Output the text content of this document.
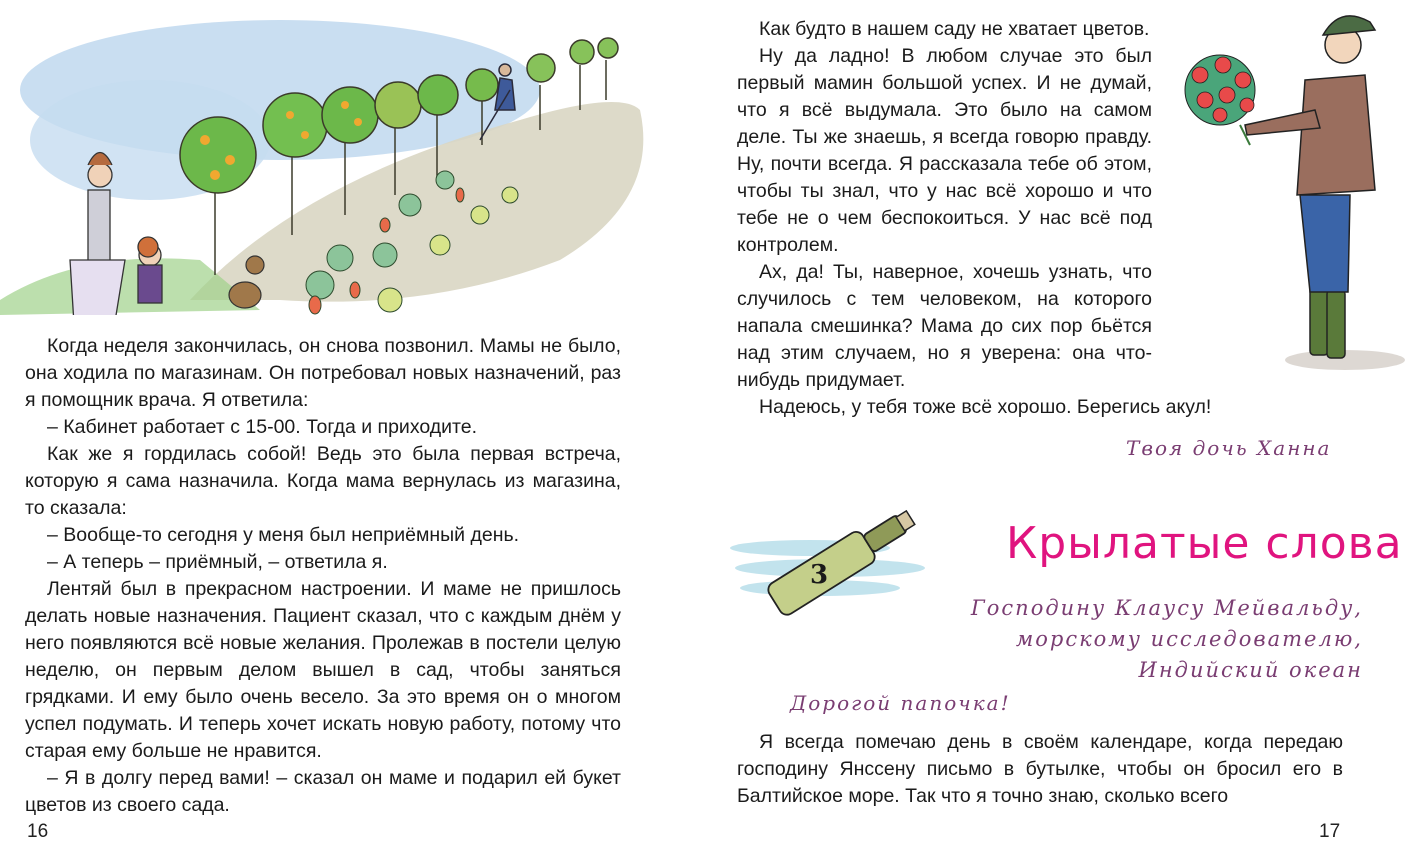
Когда неделя закончилась, он снова позвонил. Мамы не было, она ходила по магазинам. Он потребовал новых назначений, раз я помощник врача. Я ответила:

– Кабинет работает с 15-00. Тогда и приходите.

Как же я гордилась собой! Ведь это была первая встреча, которую я сама назначила. Когда мама вернулась из магазина, то сказала:

– Вообще-то сегодня у меня был неприёмный день.

– А теперь – приёмный, – ответила я.

Лентяй был в прекрасном настроении. И маме не пришлось делать новые назначения. Пациент сказал, что с каждым днём у него появляются всё новые желания. Пролежав в постели целую неделю, он первым делом вышел в сад, чтобы заняться грядками. И ему было очень весело. За это время он о многом успел подумать. И теперь хочет искать новую работу, потому что старая ему больше не нравится.

– Я в долгу перед вами! – сказал он маме и подарил ей букет цветов из своего сада.

16

Как будто в нашем саду не хватает цветов.

Ну да ладно! В любом случае это был первый мамин большой успех. И не думай, что я всё выдумала. Это было на самом деле. Ты же знаешь, я всегда говорю правду. Ну, почти всегда. Я рассказала тебе об этом, чтобы ты знал, что у нас всё хорошо и что тебе не о чем беспокоиться. У нас всё под контролем.

Ах, да! Ты, наверное, хочешь узнать, что случилось с тем человеком, на которого напала смешинка? Мама до сих пор бьётся над этим случаем, но я уверена: она что-нибудь придумает.

Надеюсь, у тебя тоже всё хорошо. Берегись акул!

Твоя дочь Ханна
3
Крылатые слова
Господину Клаусу Мейвальду,
морскому исследователю,
Индийский океан
Дорогой папочка!

Я всегда помечаю день в своём календаре, когда передаю господину Янссену письмо в бутылке, чтобы он бросил его в Балтийское море. Так что я точно знаю, сколько всего

17
